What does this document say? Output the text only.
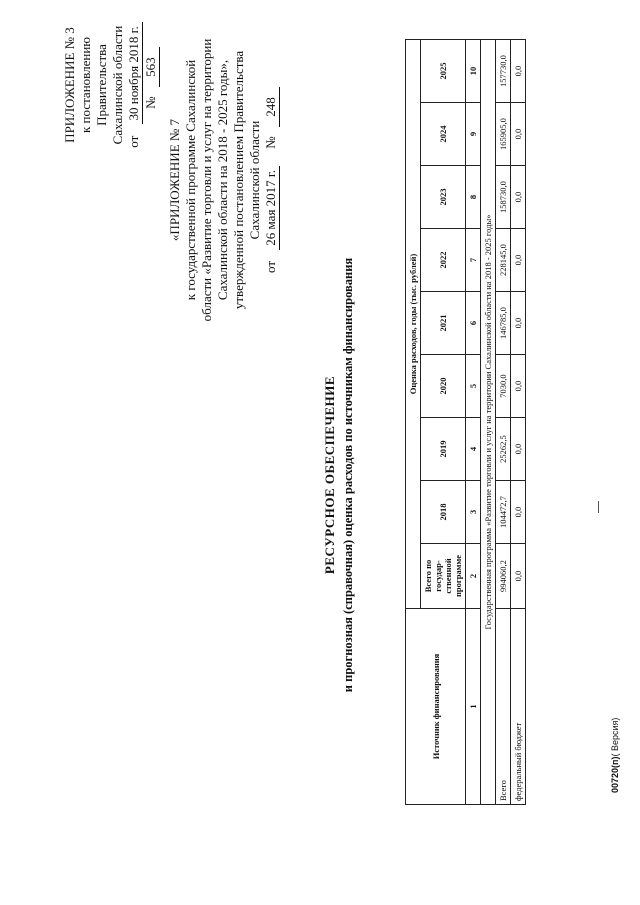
ПРИЛОЖЕНИЕ № 3 к постановлению Правительства Сахалинской области от 30 ноября 2018 г. № 563
«ПРИЛОЖЕНИЕ № 7 к государственной программе Сахалинской области «Развитие торговли и услуг на территории Сахалинской области на 2018 - 2025 годы», утвержденной постановлением Правительства Сахалинской области
от 26 мая 2017 г. № 248
РЕСУРСНОЕ ОБЕСПЕЧЕНИЕ и прогнозная (справочная) оценка расходов по источникам финансирования
Источник финансирования	Оценка расходов, годы (тыс. рублей)								
	Всего по государ-ственной программе	2018	2019	2020	2021	2022	2023	2024	2025
1	2	3	4	5	6	7	8	9	10
Государственная программа «Развитие торговли и услуг на территории Сахалинской области на 2018 - 2025 годы»									
Всего	994060,2	104472,7	25262,5	7030,0	146785,0	228145,0	158730,0	165905,0	157730,0
федеральный бюджет	0,0	0,0	0,0	0,0	0,0	0,0	0,0	0,0	0,0
00720(п)( Версия)
